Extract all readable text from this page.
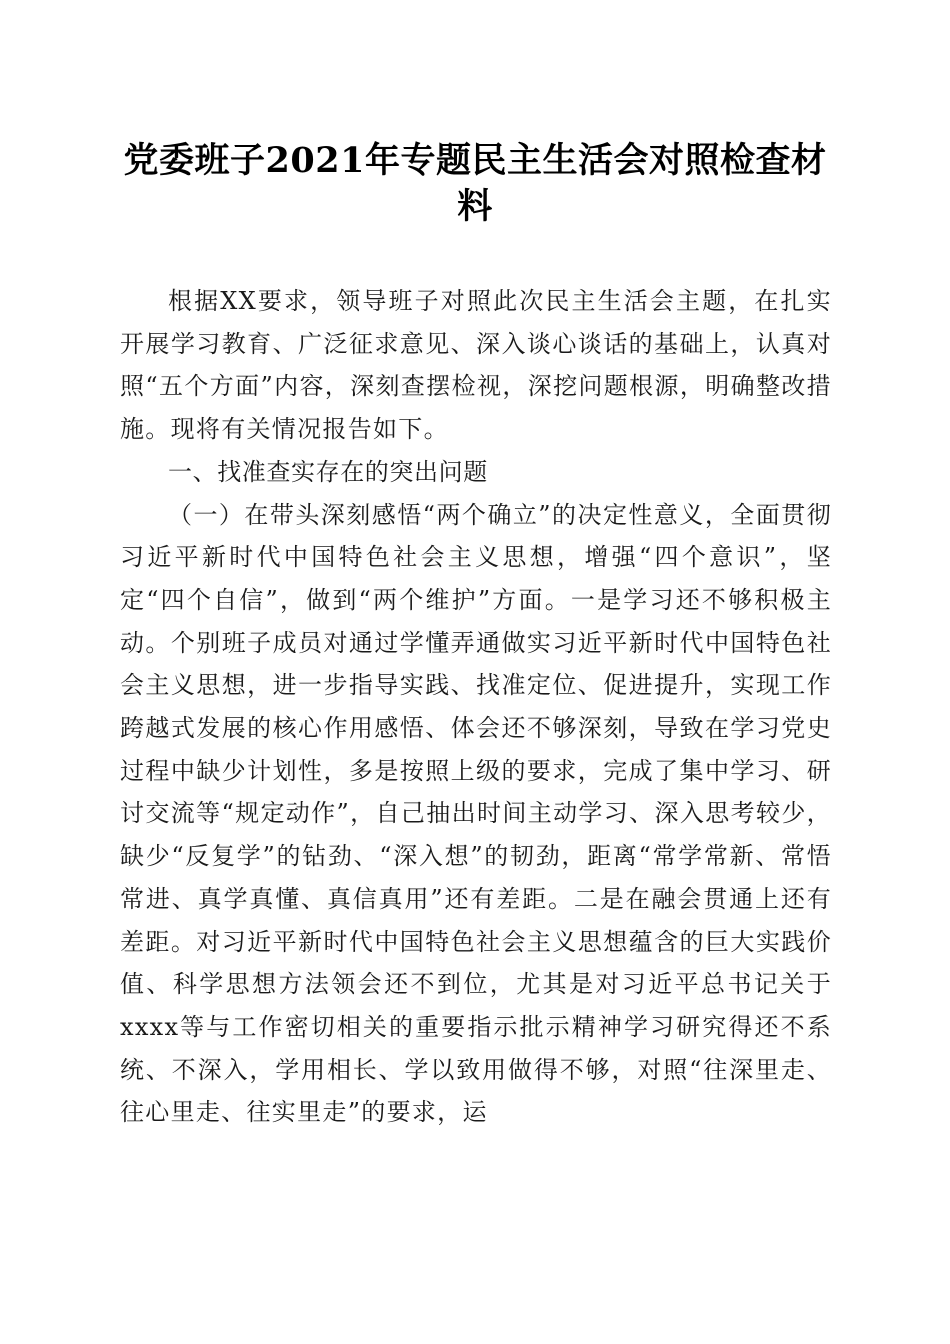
党委班子2021年专题民主生活会对照检查材料

根据XX要求，领导班子对照此次民主生活会主题，在扎实开展学习教育、广泛征求意见、深入谈心谈话的基础上，认真对照“五个方面”内容，深刻查摆检视，深挖问题根源，明确整改措施。现将有关情况报告如下。

一、找准查实存在的突出问题

（一）在带头深刻感悟“两个确立”的决定性意义，全面贯彻习近平新时代中国特色社会主义思想，增强“四个意识”，坚定“四个自信”，做到“两个维护”方面。一是学习还不够积极主动。个别班子成员对通过学懂弄通做实习近平新时代中国特色社会主义思想，进一步指导实践、找准定位、促进提升，实现工作跨越式发展的核心作用感悟、体会还不够深刻，导致在学习党史过程中缺少计划性，多是按照上级的要求，完成了集中学习、研讨交流等“规定动作”，自己抽出时间主动学习、深入思考较少，缺少“反复学”的钻劲、“深入想”的韧劲，距离“常学常新、常悟常进、真学真懂、真信真用”还有差距。二是在融会贯通上还有差距。对习近平新时代中国特色社会主义思想蕴含的巨大实践价值、科学思想方法领会还不到位，尤其是对习近平总书记关于xxxx等与工作密切相关的重要指示批示精神学习研究得还不系统、不深入，学用相长、学以致用做得不够，对照“往深里走、往心里走、往实里走”的要求，运
